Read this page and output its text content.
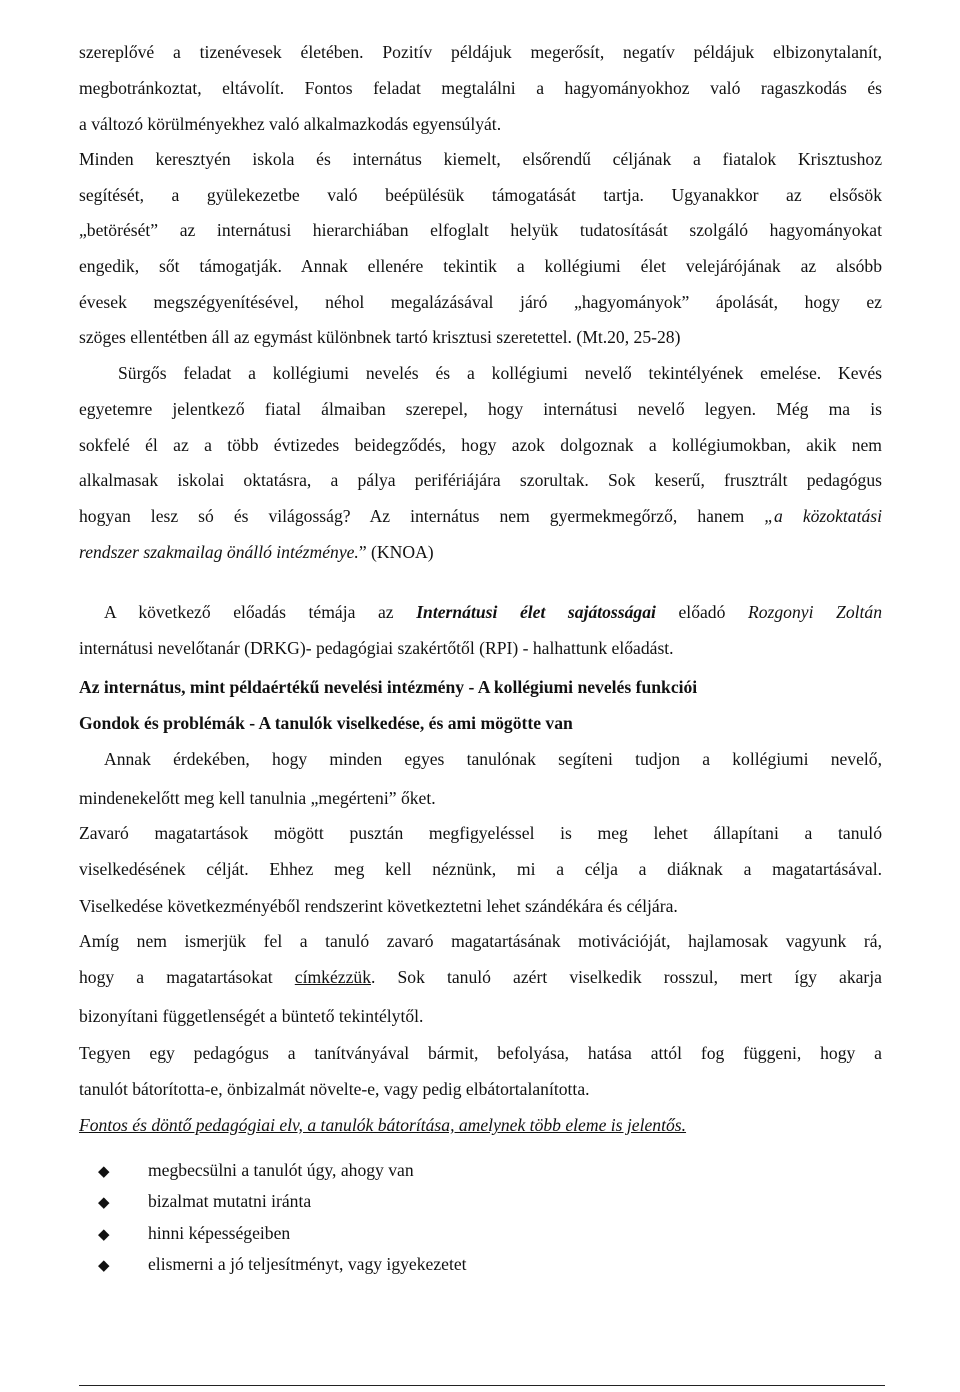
szereplővé a tizenévesek életében. Pozitív példájuk megerősít, negatív példájuk elbizonytalanít,

megbotránkoztat, eltávolít. Fontos feladat megtalálni a hagyományokhoz való ragaszkodás és

a változó körülményekhez való alkalmazkodás egyensúlyát.

Minden keresztyén iskola és internátus kiemelt, elsőrendű céljának a fiatalok Krisztushoz

segítését, a gyülekezetbe való beépülésük támogatását tartja. Ugyanakkor az elsősök

„betörését” az internátusi hierarchiában elfoglalt helyük tudatosítását szolgáló hagyományokat

engedik, sőt támogatják. Annak ellenére tekintik a kollégiumi élet velejárójának az alsóbb

évesek megszégyenítésével, néhol megalázásával járó „hagyományok” ápolását, hogy ez

szöges ellentétben áll az egymást különbnek tartó krisztusi szeretettel. (Mt.20, 25-28)

Sürgős feladat a kollégiumi nevelés és a kollégiumi nevelő tekintélyének emelése. Kevés

egyetemre jelentkező fiatal álmaiban szerepel, hogy internátusi nevelő legyen. Még ma is

sokfelé él az a több évtizedes beidegződés, hogy azok dolgoznak a kollégiumokban, akik nem

alkalmasak iskolai oktatásra, a pálya perifériájára szorultak. Sok keserű, frusztrált pedagógus

hogyan lesz só és világosság? Az internátus nem gyermekmegőrző, hanem „a közoktatási

rendszer szakmailag önálló intézménye.” (KNOA)

A következő előadás témája az Internátusi élet sajátosságai előadó Rozgonyi Zoltán

internátusi nevelőtanár (DRKG)- pedagógiai szakértőtől (RPI) - halhattunk előadást.

Az internátus, mint példaértékű nevelési intézmény - A kollégiumi nevelés funkciói

Gondok és problémák - A tanulók viselkedése, és ami mögötte van

Annak érdekében, hogy minden egyes tanulónak segíteni tudjon a kollégiumi nevelő,

mindenekelőtt meg kell tanulnia „megérteni” őket.

Zavaró magatartások mögött pusztán megfigyeléssel is meg lehet állapítani a tanuló

viselkedésének célját. Ehhez meg kell néznünk, mi a célja a diáknak a magatartásával.

Viselkedése következményéből rendszerint következtetni lehet szándékára és céljára.

Amíg nem ismerjük fel a tanuló zavaró magatartásának motivációját, hajlamosak vagyunk rá,

hogy a magatartásokat címkézzük. Sok tanuló azért viselkedik rosszul, mert így akarja

bizonyítani függetlenségét a büntető tekintélytől.

Tegyen egy pedagógus a tanítványával bármit, befolyása, hatása attól fog függeni, hogy a

tanulót bátorította-e, önbizalmát növelte-e, vagy pedig elbátortalanította.

Fontos és döntő pedagógiai elv, a tanulók bátorítása, amelynek több eleme is jelentős.

◆ megbecsülni a tanulót úgy, ahogy van
◆ bizalmat mutatni iránta
◆ hinni képességeiben
◆ elismerni a jó teljesítményt, vagy igyekezetet
